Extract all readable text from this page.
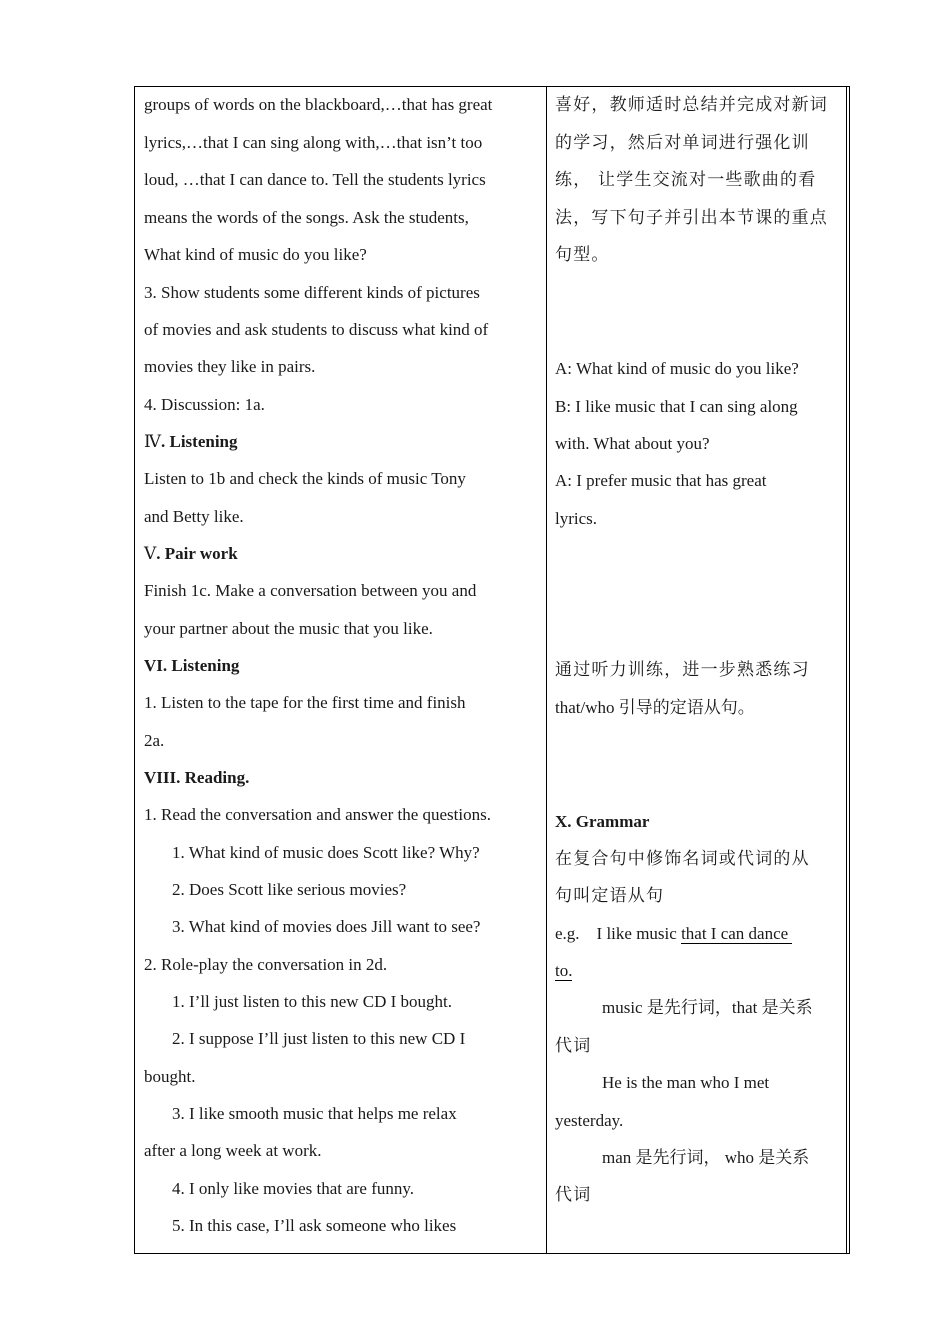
groups of words on the blackboard,…that has great
lyrics,…that I can sing along with,…that isn’t too
loud, …that I can dance to. Tell the students lyrics
means the words of the songs. Ask the students,
What kind of music do you like?
3. Show students some different kinds of pictures
of movies and ask students to discuss what kind of
movies they like in pairs.
4. Discussion: 1a.
Ⅳ. Listening
Listen to 1b and check the kinds of music Tony
and Betty like.
Ⅴ. Pair work
Finish 1c. Make a conversation between you and
your partner about the music that you like.
VI. Listening
1. Listen to the tape for the first time and finish
2a.
VIII. Reading.
1. Read the conversation and answer the questions.
1. What kind of music does Scott like? Why?
2. Does Scott like serious movies?
3. What kind of movies does Jill want to see?
2. Role-play the conversation in 2d.
1. I’ll just listen to this new CD I bought.
2. I suppose I’ll just listen to this new CD I
bought.
3. I like smooth music that helps me relax
after a long week at work.
4. I only like movies that are funny.
5. In this case, I’ll ask someone who likes
喜好，教师适时总结并完成对新词
的学习，然后对单词进行强化训
练， 让学生交流对一些歌曲的看
法，写下句子并引出本节课的重点
句型。
A: What kind of music do you like?
B: I like music that I can sing along
with. What about you?
A: I prefer music that has great
lyrics.
通过听力训练，进一步熟悉练习
that/who 引导的定语从句。
X. Grammar
在复合句中修饰名词或代词的从
句叫定语从句
e.g.    I like music that I can dance
to.
music 是先行词，that 是关系
代词
He is the man who I met
yesterday.
man 是先行词， who 是关系
代词
